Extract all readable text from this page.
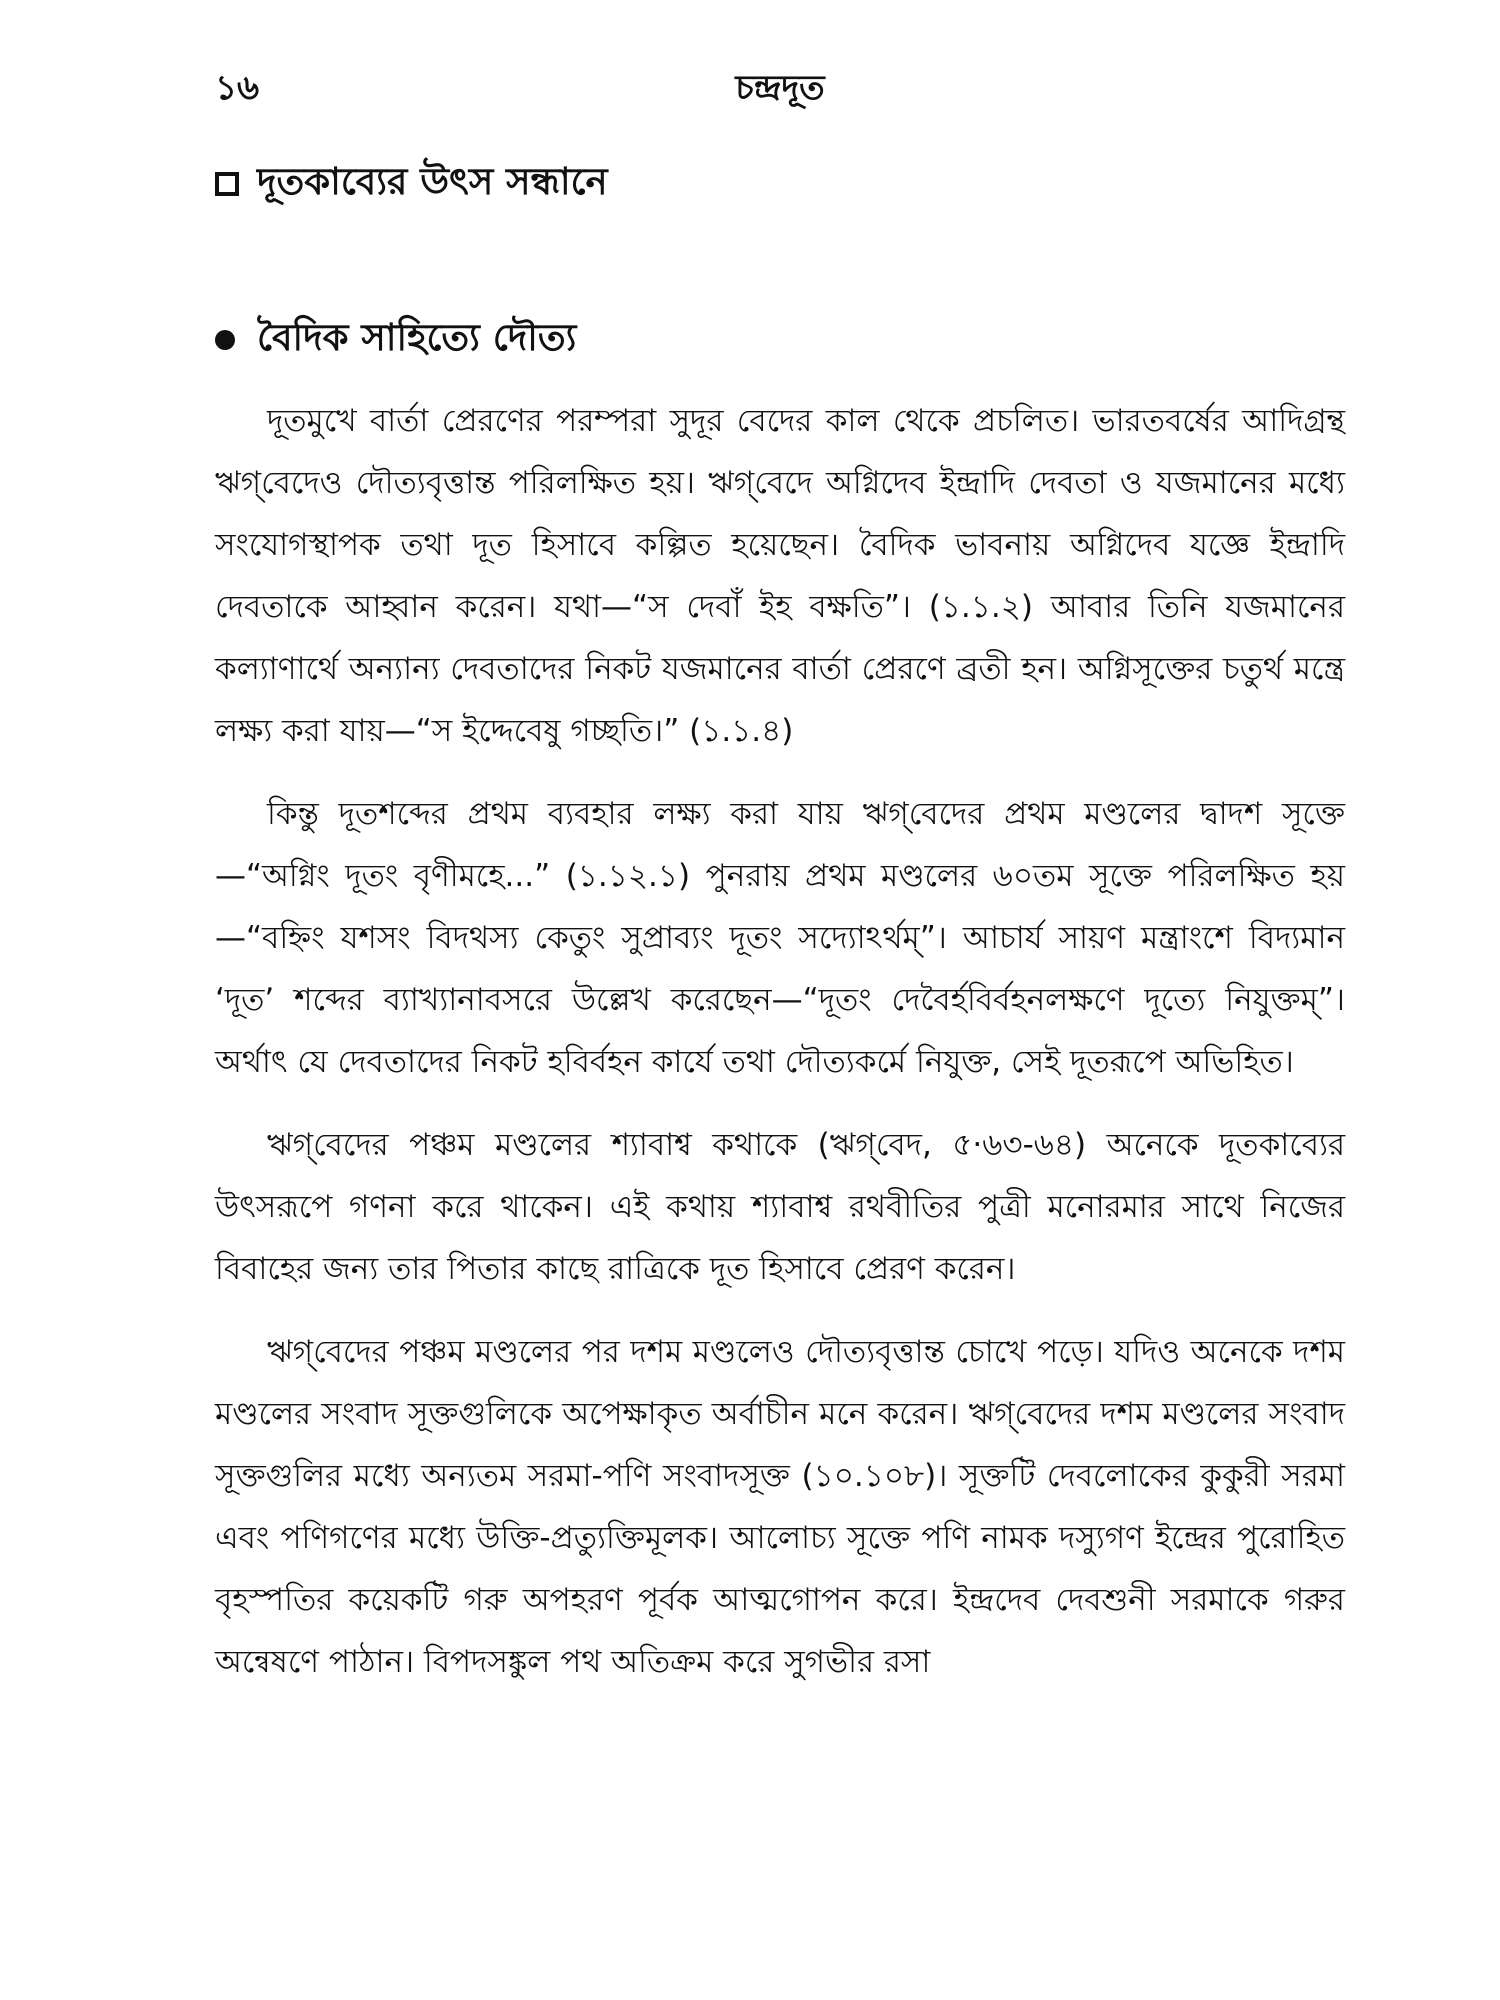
১৬	চন্দ্রদূত
দূতকাব্যের উৎস সন্ধানে
বৈদিক সাহিত্যে দৌত্য

দূতমুখে বার্তা প্রেরণের পরম্পরা সুদূর বেদের কাল থেকে প্রচলিত। ভারতবর্ষের আদিগ্রন্থ ঋগ্‌বেদেও দৌত্যবৃত্তান্ত পরিলক্ষিত হয়। ঋগ্‌বেদে অগ্নিদেব ইন্দ্রাদি দেবতা ও যজমানের মধ্যে সংযোগস্থাপক তথা দূত হিসাবে কল্পিত হয়েছেন। বৈদিক ভাবনায় অগ্নিদেব যজ্ঞে ইন্দ্রাদি দেবতাকে আহ্বান করেন। যথা—“স দেবাঁ ইহ বক্ষতি”। (১.১.২) আবার তিনি যজমানের কল্যাণার্থে অন্যান্য দেবতাদের নিকট যজমানের বার্তা প্রেরণে ব্রতী হন। অগ্নিসূক্তের চতুর্থ মন্ত্রে লক্ষ্য করা যায়—“স ইদ্দেবেষু গচ্ছতি।” (১.১.৪)

কিন্তু দূতশব্দের প্রথম ব্যবহার লক্ষ্য করা যায় ঋগ্‌বেদের প্রথম মণ্ডলের দ্বাদশ সূক্তে—“অগ্নিং দূতং বৃণীমহে...” (১.১২.১) পুনরায় প্রথম মণ্ডলের ৬০তম সূক্তে পরিলক্ষিত হয়—“বহ্নিং যশসং বিদথস্য কেতুং সুপ্রাব্যং দূতং সদ্যোঽর্থম্”। আচার্য সায়ণ মন্ত্রাংশে বিদ্যমান ‘দূত’ শব্দের ব্যাখ্যানাবসরে উল্লেখ করেছেন—“দূতং দেবৈর্হবির্বহনলক্ষণে দূত্যে নিযুক্তম্”। অর্থাৎ যে দেবতাদের নিকট হবির্বহন কার্যে তথা দৌত্যকর্মে নিযুক্ত, সেই দূতরূপে অভিহিত।

ঋগ্‌বেদের পঞ্চম মণ্ডলের শ্যাবাশ্ব কথাকে (ঋগ্‌বেদ, ৫·৬৩-৬৪) অনেকে দূতকাব্যের উৎসরূপে গণনা করে থাকেন। এই কথায় শ্যাবাশ্ব রথবীতির পুত্রী মনোরমার সাথে নিজের বিবাহের জন্য তার পিতার কাছে রাত্রিকে দূত হিসাবে প্রেরণ করেন।

ঋগ্‌বেদের পঞ্চম মণ্ডলের পর দশম মণ্ডলেও দৌত্যবৃত্তান্ত চোখে পড়ে। যদিও অনেকে দশম মণ্ডলের সংবাদ সূক্তগুলিকে অপেক্ষাকৃত অর্বাচীন মনে করেন। ঋগ্‌বেদের দশম মণ্ডলের সংবাদ সূক্তগুলির মধ্যে অন্যতম সরমা-পণি সংবাদসূক্ত (১০.১০৮)। সূক্তটি দেবলোকের কুকুরী সরমা এবং পণিগণের মধ্যে উক্তি-প্রত্যুক্তিমূলক। আলোচ্য সূক্তে পণি নামক দস্যুগণ ইন্দ্রের পুরোহিত বৃহস্পতির কয়েকটি গরু অপহরণ পূর্বক আত্মগোপন করে। ইন্দ্রদেব দেবশুনী সরমাকে গরুর অন্বেষণে পাঠান। বিপদসঙ্কুল পথ অতিক্রম করে সুগভীর রসা
